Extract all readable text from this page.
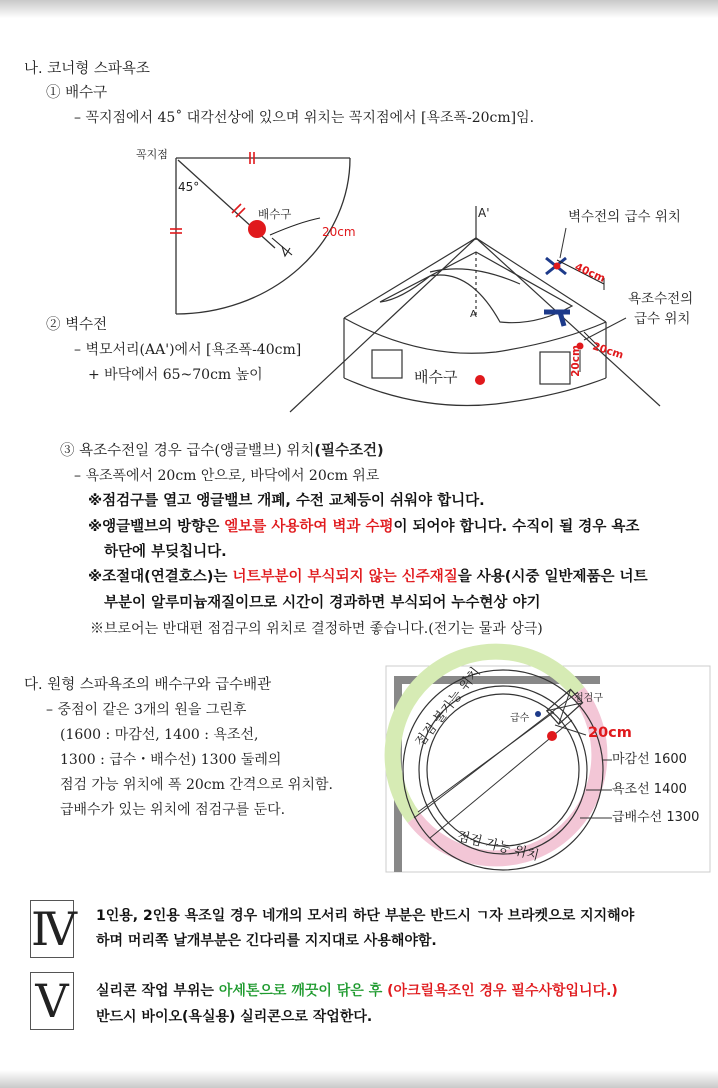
나. 코너형 스파욕조
① 배수구
– 꼭지점에서 45˚ 대각선상에 있으며 위치는 꼭지점에서 [욕조폭-20cm]임.
꼭지점
45°
배수구
20cm
② 벽수전
– 벽모서리(AA')에서 [욕조폭-40cm]
+ 바닥에서 65~70cm 높이
A'
A
벽수전의 급수 위치
욕조수전의
급수 위치
40cm
20cm
20cm
배수구
③ 욕조수전일 경우 급수(앵글밸브) 위치(필수조건)
– 욕조폭에서 20cm 안으로, 바닥에서 20cm 위로
※점검구를 열고 앵글밸브 개폐, 수전 교체등이 쉬워야 합니다.
※앵글밸브의 방향은 엘보를 사용하여 벽과 수평이 되어야 합니다. 수직이 될 경우 욕조
하단에 부딪칩니다.
※조절대(연결호스)는 너트부분이 부식되지 않는 신주재질을 사용(시중 일반제품은 너트
부분이 알루미늄재질이므로 시간이 경과하면 부식되어 누수현상 야기
※브로어는 반대편 점검구의 위치로 결정하면 좋습니다.(전기는 물과 상극)
다. 원형 스파욕조의 배수구와 급수배관
– 중점이 같은 3개의 원을 그린후
(1600 : 마감선, 1400 : 욕조선,
1300 : 급수・배수선) 1300 둘레의
점검 가능 위치에 폭 20cm 간격으로 위치함.
급배수가 있는 위치에 점검구를 둔다.
점검 불가능 위치
점검 가능 위치
점검구
급수
20cm
마감선 1600
욕조선 1400
급배수선 1300
Ⅳ 1인용, 2인용 욕조일 경우 네개의 모서리 하단 부분은 반드시 ㄱ자 브라켓으로 지지해야
하며 머리쪽 날개부분은 긴다리를 지지대로 사용해야함.
Ⅴ	실리콘 작업 부위는 아세톤으로 깨끗이 닦은 후 (아크릴욕조인 경우 필수사항입니다.)
반드시 바이오(욕실용) 실리콘으로 작업한다.
